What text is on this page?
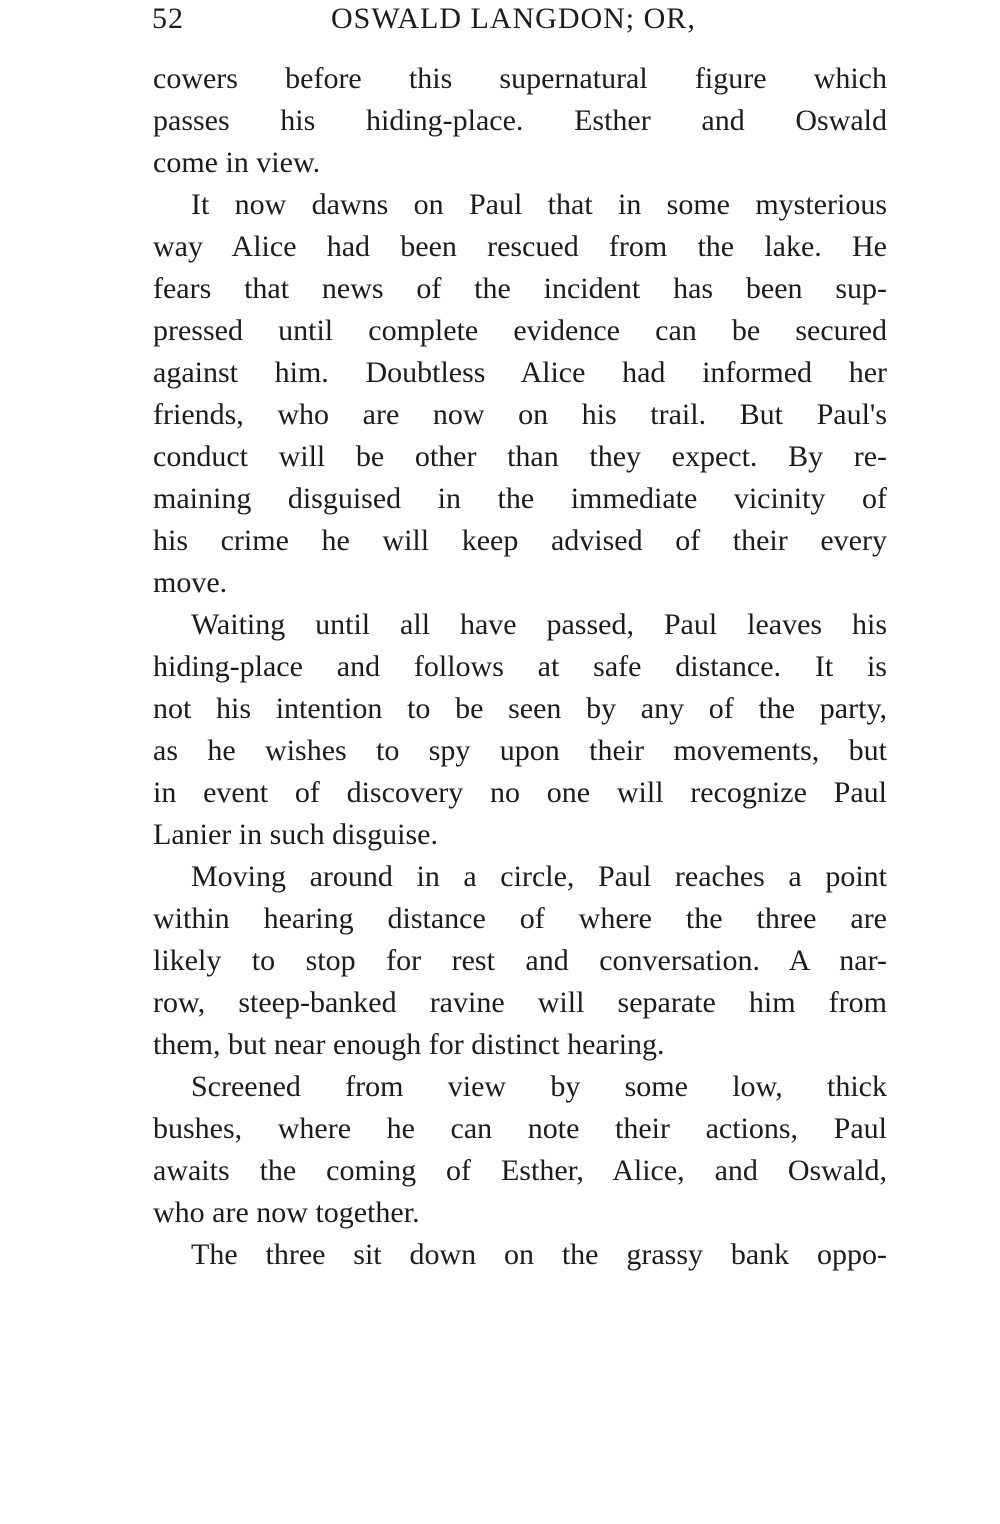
52	OSWALD LANGDON; OR,
cowers before this supernatural figure which
passes his hiding-place. Esther and Oswald
come in view.
It now dawns on Paul that in some mysterious
way Alice had been rescued from the lake. He
fears that news of the incident has been sup-
pressed until complete evidence can be secured
against him. Doubtless Alice had informed her
friends, who are now on his trail. But Paul's
conduct will be other than they expect. By re-
maining disguised in the immediate vicinity of
his crime he will keep advised of their every
move.
Waiting until all have passed, Paul leaves his
hiding-place and follows at safe distance. It is
not his intention to be seen by any of the party,
as he wishes to spy upon their movements, but
in event of discovery no one will recognize Paul
Lanier in such disguise.
Moving around in a circle, Paul reaches a point
within hearing distance of where the three are
likely to stop for rest and conversation. A nar-
row, steep-banked ravine will separate him from
them, but near enough for distinct hearing.
Screened from view by some low, thick
bushes, where he can note their actions, Paul
awaits the coming of Esther, Alice, and Oswald,
who are now together.
The three sit down on the grassy bank oppo-
